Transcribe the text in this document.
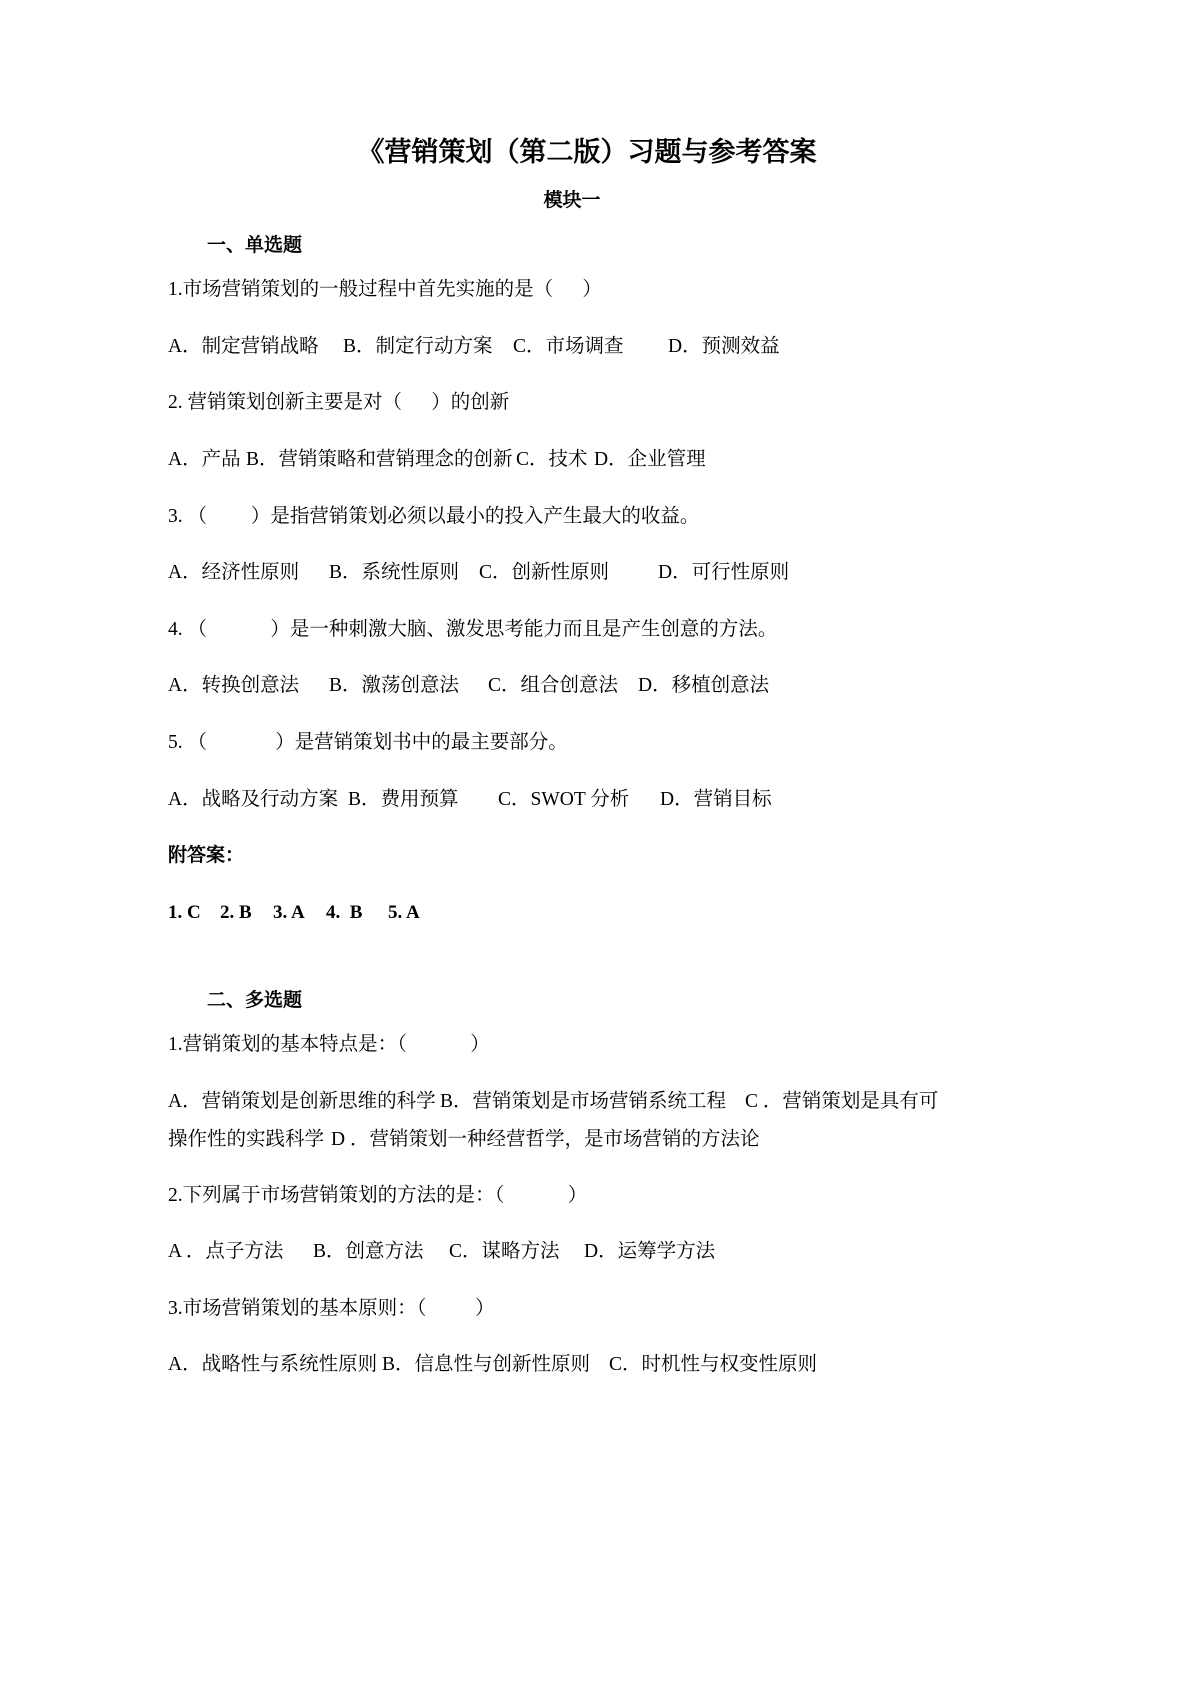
《营销策划（第二版）习题与参考答案
模块一
一、单选题
1.市场营销策划的一般过程中首先实施的是（      ）
A．制定营销战略 B．制定行动方案 C．市场调查 D．预测效益
2. 营销策划创新主要是对（      ）的创新
A．产品 B．营销策略和营销理念的创新 C．技术 D．企业管理
3. （         ）是指营销策划必须以最小的投入产生最大的收益。
A．经济性原则 B．系统性原则 C．创新性原则	D．可行性原则
4. （             ）是一种刺激大脑、激发思考能力而且是产生创意的方法。
A．转换创意法 B．激荡创意法 C．组合创意法 D．移植创意法
5. （              ）是营销策划书中的最主要部分。
A．战略及行动方案 B．费用预算 C．SWOT 分析 D．营销目标
附答案：
1. C 2. B 3. A 4.  B 5. A
二、多选题
1.营销策划的基本特点是：（             ）
A．营销策划是创新思维的科学 B．营销策划是市场营销系统工程 C ．营销策划是具有可
操作性的实践科学 D ．营销策划一种经营哲学，是市场营销的方法论
2.下列属于市场营销策划的方法的是：（             ）
A ．点子方法 B．创意方法 C．谋略方法 D．运筹学方法
3.市场营销策划的基本原则：（          ）
A．战略性与系统性原则 B．信息性与创新性原则 C．时机性与权变性原则
